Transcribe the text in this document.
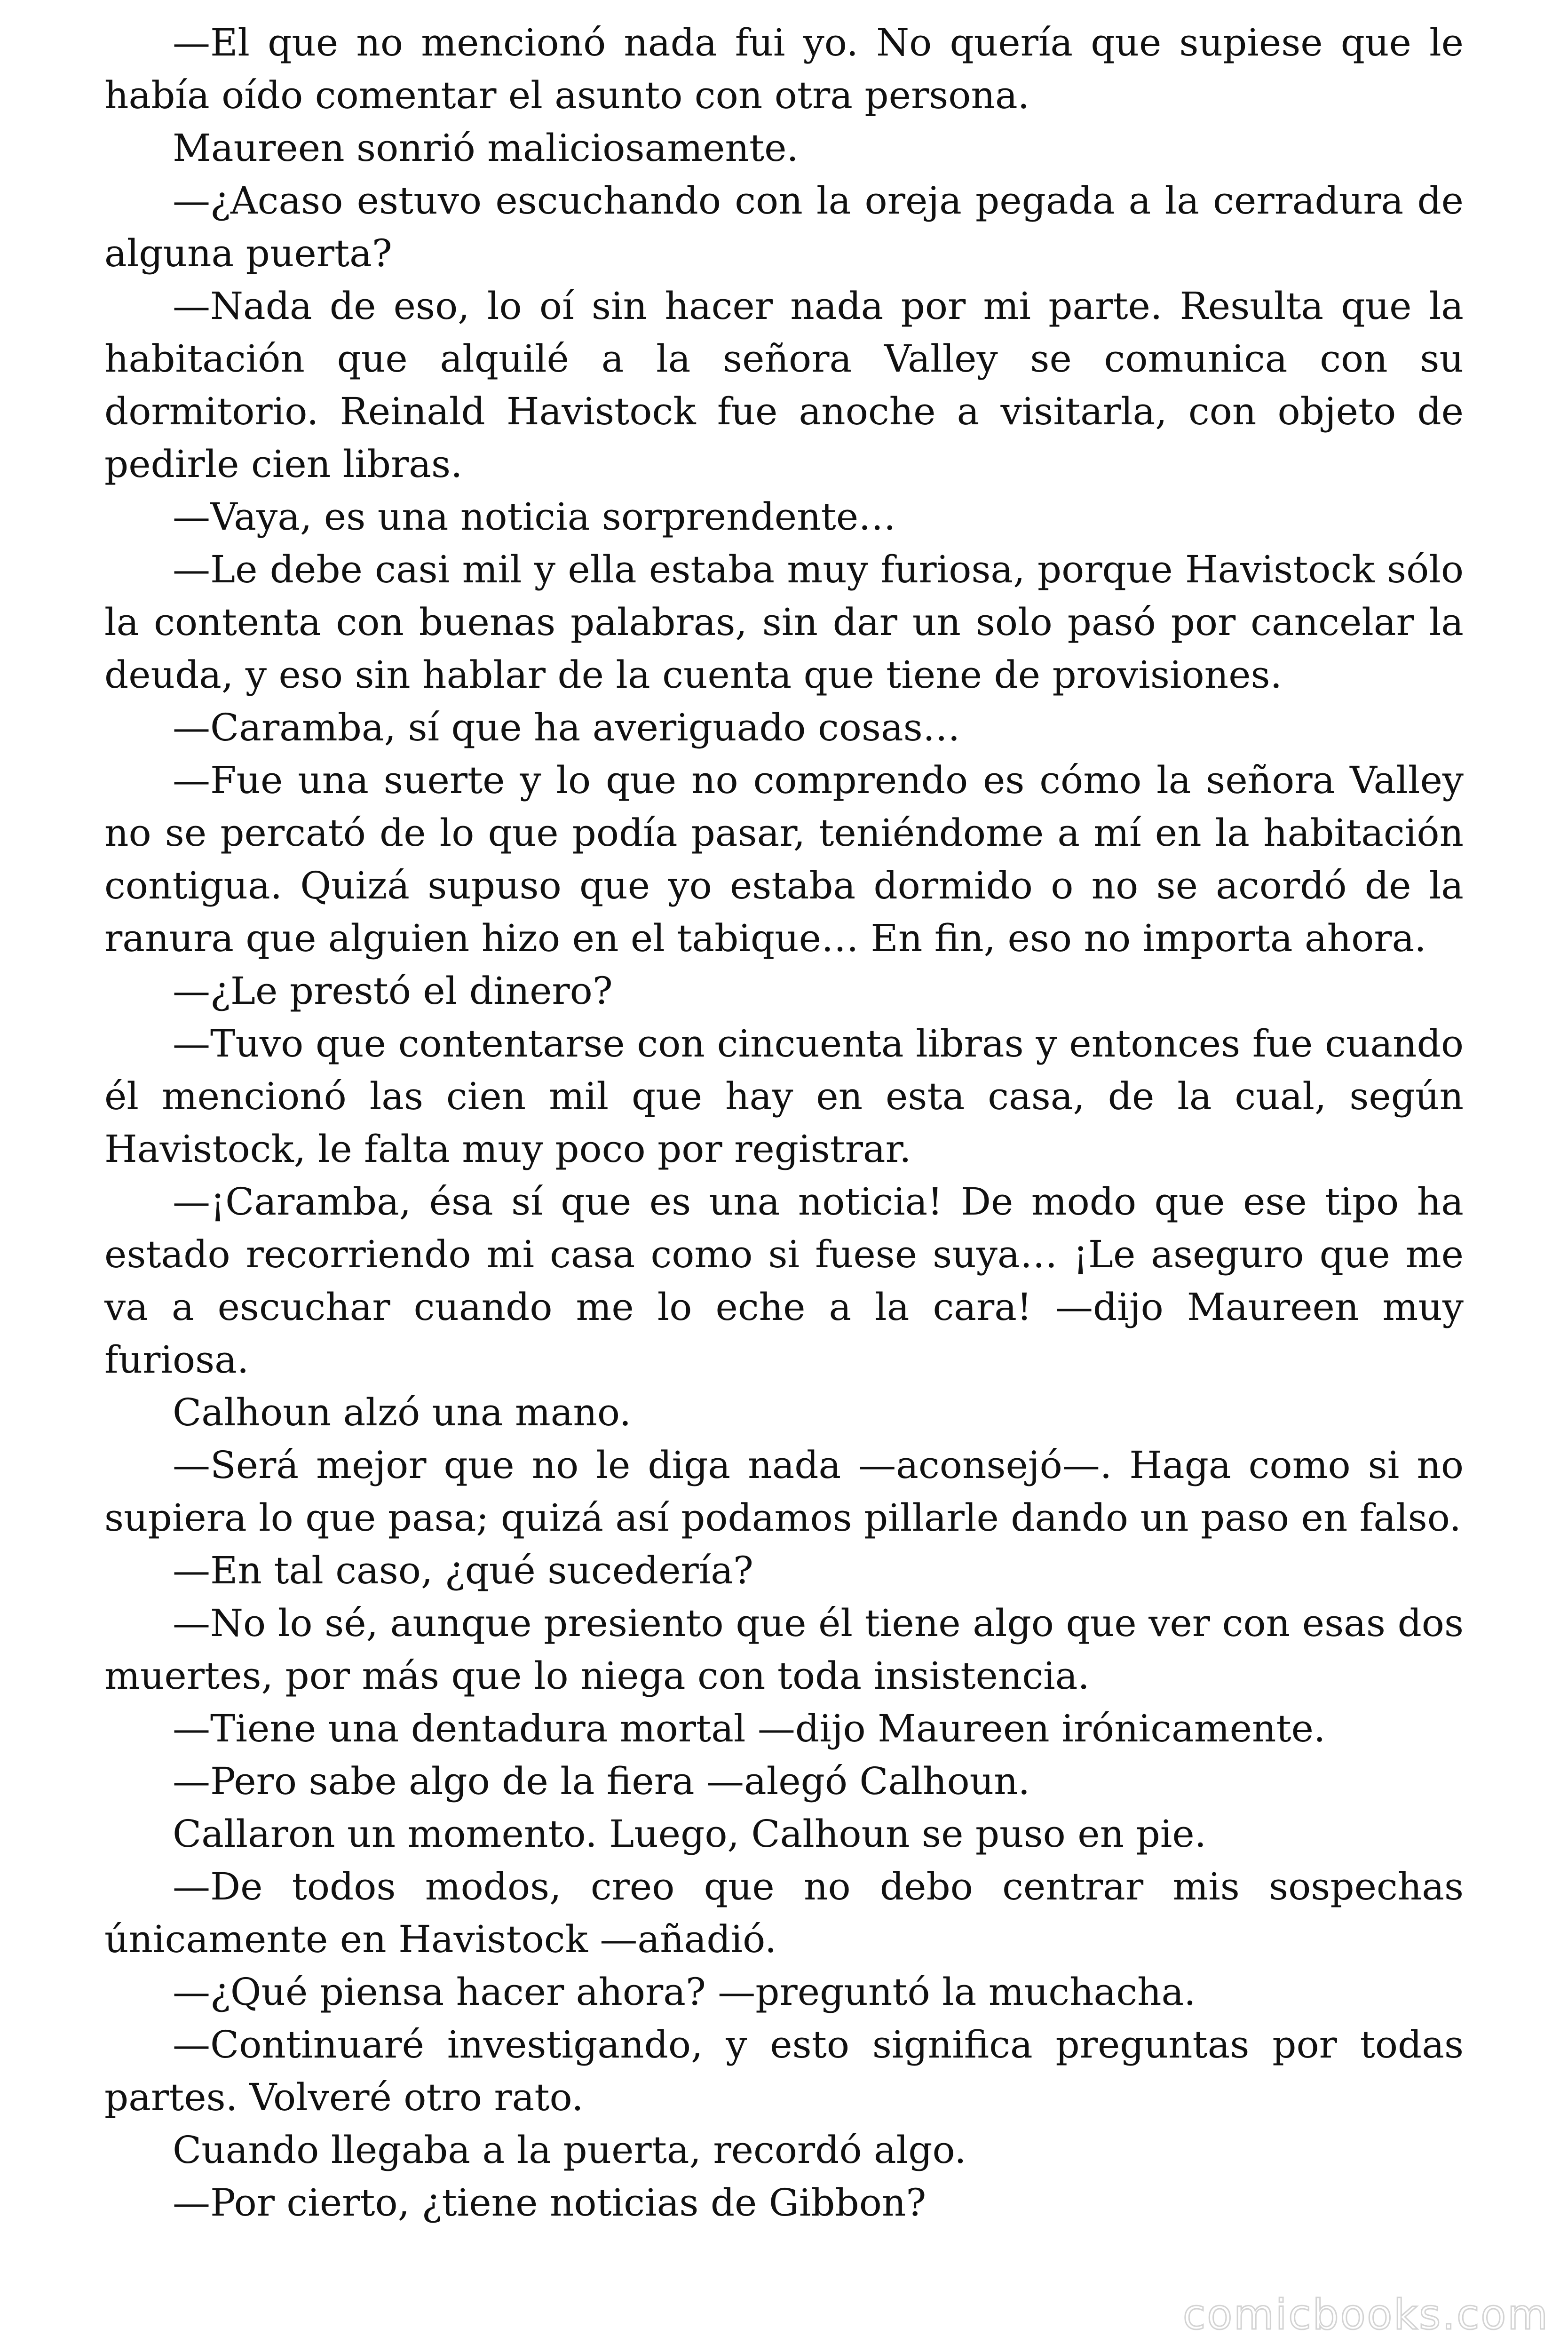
—El que no mencionó nada fui yo. No quería que supiese que le había oído comentar el asunto con otra persona.

Maureen sonrió maliciosamente.

—¿Acaso estuvo escuchando con la oreja pegada a la cerradura de alguna puerta?

—Nada de eso, lo oí sin hacer nada por mi parte. Resulta que la habitación que alquilé a la señora Valley se comunica con su dormitorio. Reinald Havistock fue anoche a visitarla, con objeto de pedirle cien libras.

—Vaya, es una noticia sorprendente…

—Le debe casi mil y ella estaba muy furiosa, porque Havistock sólo la contenta con buenas palabras, sin dar un solo pasó por cancelar la deuda, y eso sin hablar de la cuenta que tiene de provisiones.

—Caramba, sí que ha averiguado cosas…

—Fue una suerte y lo que no comprendo es cómo la señora Valley no se percató de lo que podía pasar, teniéndome a mí en la habitación contigua. Quizá supuso que yo estaba dormido o no se acordó de la ranura que alguien hizo en el tabique… En fin, eso no importa ahora.

—¿Le prestó el dinero?

—Tuvo que contentarse con cincuenta libras y entonces fue cuando él mencionó las cien mil que hay en esta casa, de la cual, según Havistock, le falta muy poco por registrar.

—¡Caramba, ésa sí que es una noticia! De modo que ese tipo ha estado recorriendo mi casa como si fuese suya… ¡Le aseguro que me va a escuchar cuando me lo eche a la cara! —dijo Maureen muy furiosa.

Calhoun alzó una mano.

—Será mejor que no le diga nada —aconsejó—. Haga como si no supiera lo que pasa; quizá así podamos pillarle dando un paso en falso.

—En tal caso, ¿qué sucedería?

—No lo sé, aunque presiento que él tiene algo que ver con esas dos muertes, por más que lo niega con toda insistencia.

—Tiene una dentadura mortal —dijo Maureen irónicamente.

—Pero sabe algo de la fiera —alegó Calhoun.

Callaron un momento. Luego, Calhoun se puso en pie.

—De todos modos, creo que no debo centrar mis sospechas únicamente en Havistock —añadió.

—¿Qué piensa hacer ahora? —preguntó la muchacha.

—Continuaré investigando, y esto significa preguntas por todas partes. Volveré otro rato.

Cuando llegaba a la puerta, recordó algo.

—Por cierto, ¿tiene noticias de Gibbon?

comicbooks.com
